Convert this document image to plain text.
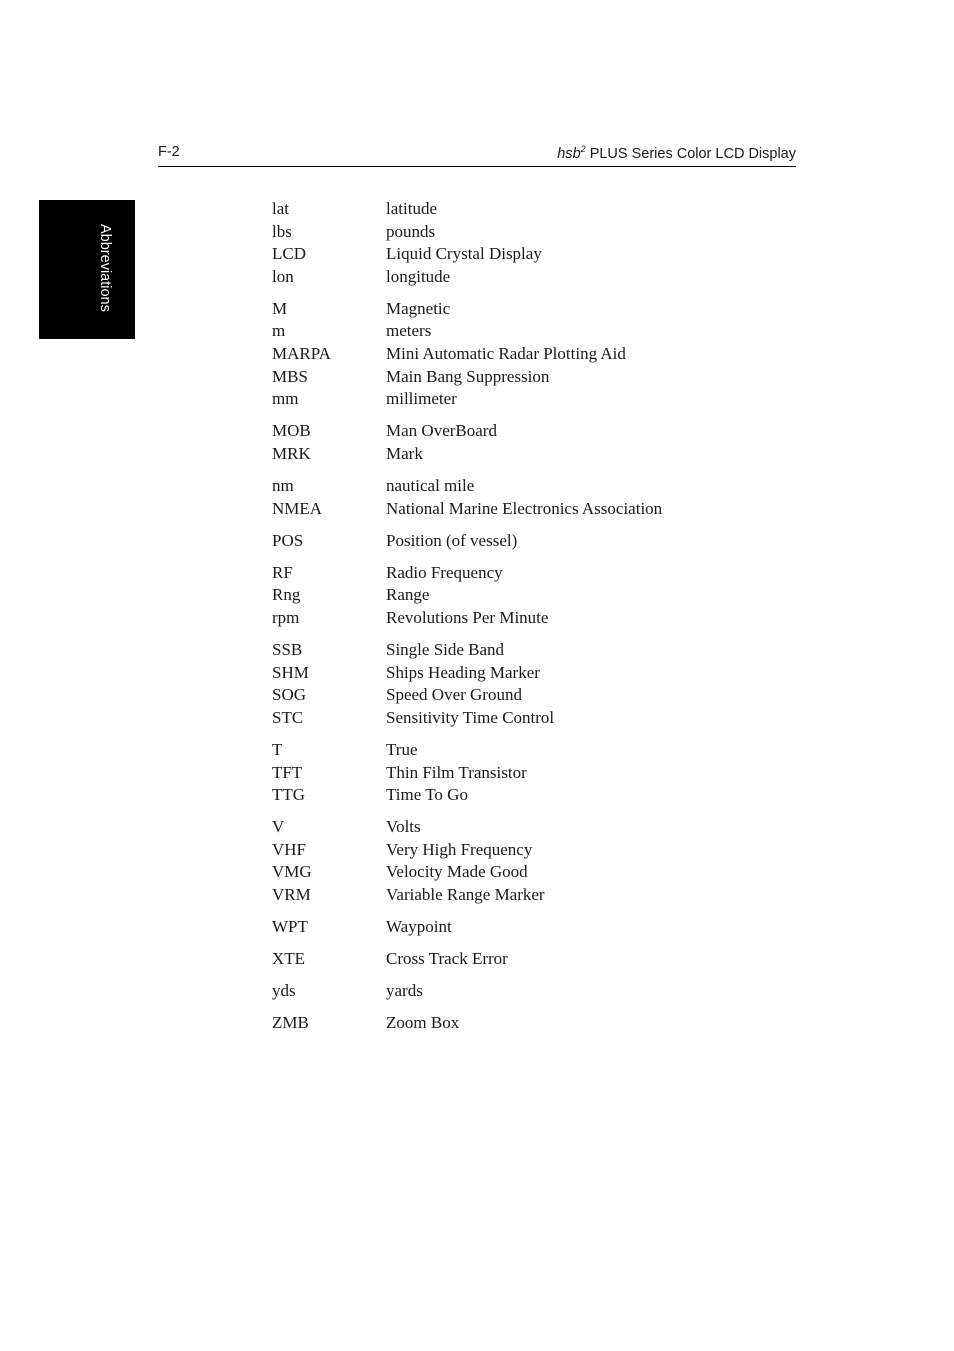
F-2	hsb$^2$ PLUS Series Color LCD Display
Abbreviations
lat	latitude
lbs	pounds
LCD	Liquid Crystal Display
lon	longitude
M	Magnetic
m	meters
MARPA	Mini Automatic Radar Plotting Aid
MBS	Main Bang Suppression
mm	millimeter
MOB	Man OverBoard
MRK	Mark
nm	nautical mile
NMEA	National Marine Electronics Association
POS	Position (of vessel)
RF	Radio Frequency
Rng	Range
rpm	Revolutions Per Minute
SSB	Single Side Band
SHM	Ships Heading Marker
SOG	Speed Over Ground
STC	Sensitivity Time Control
T	True
TFT	Thin Film Transistor
TTG	Time To Go
V	Volts
VHF	Very High Frequency
VMG	Velocity Made Good
VRM	Variable Range Marker
WPT	Waypoint
XTE	Cross Track Error
yds	yards
ZMB	Zoom Box
